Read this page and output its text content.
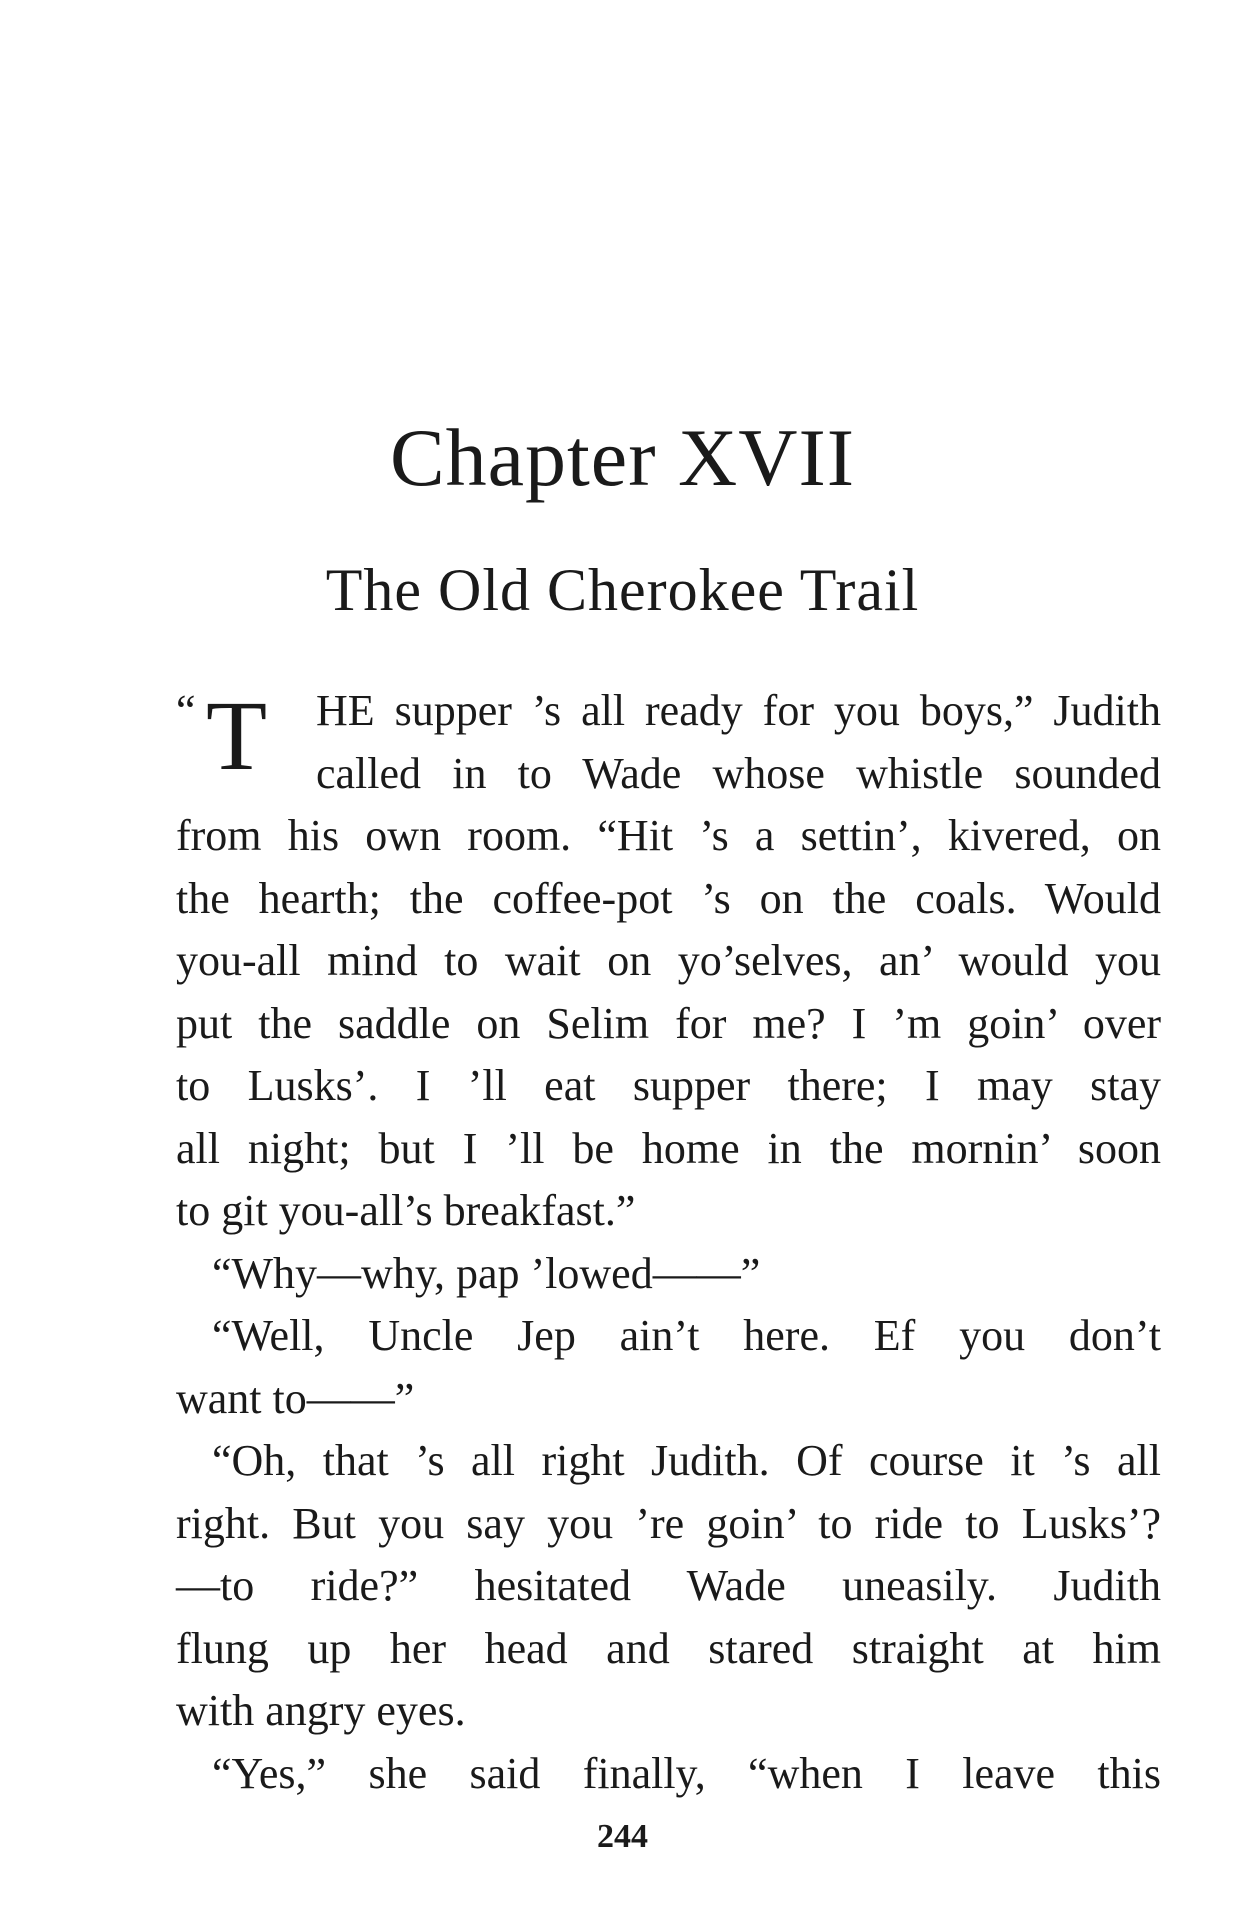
Chapter XVII
The Old Cherokee Trail
“ T	HE supper ’s all ready for you boys,” Judith
called in to Wade whose whistle sounded
from his own room. “Hit ’s a settin’, kivered, on
the hearth; the coffee-pot ’s on the coals. Would
you-all mind to wait on yo’selves, an’ would you
put the saddle on Selim for me? I ’m goin’ over
to Lusks’. I ’ll eat supper there; I may stay
all night; but I ’ll be home in the mornin’ soon
to git you-all’s breakfast.”
“Why—why, pap ’lowed——”
“Well, Uncle Jep ain’t here. Ef you don’t
want to——”
“Oh, that ’s all right Judith. Of course it ’s all
right. But you say you ’re goin’ to ride to Lusks’?
—to ride?” hesitated Wade uneasily. Judith
flung up her head and stared straight at him
with angry eyes.
“Yes,” she said finally, “when I leave this
244
